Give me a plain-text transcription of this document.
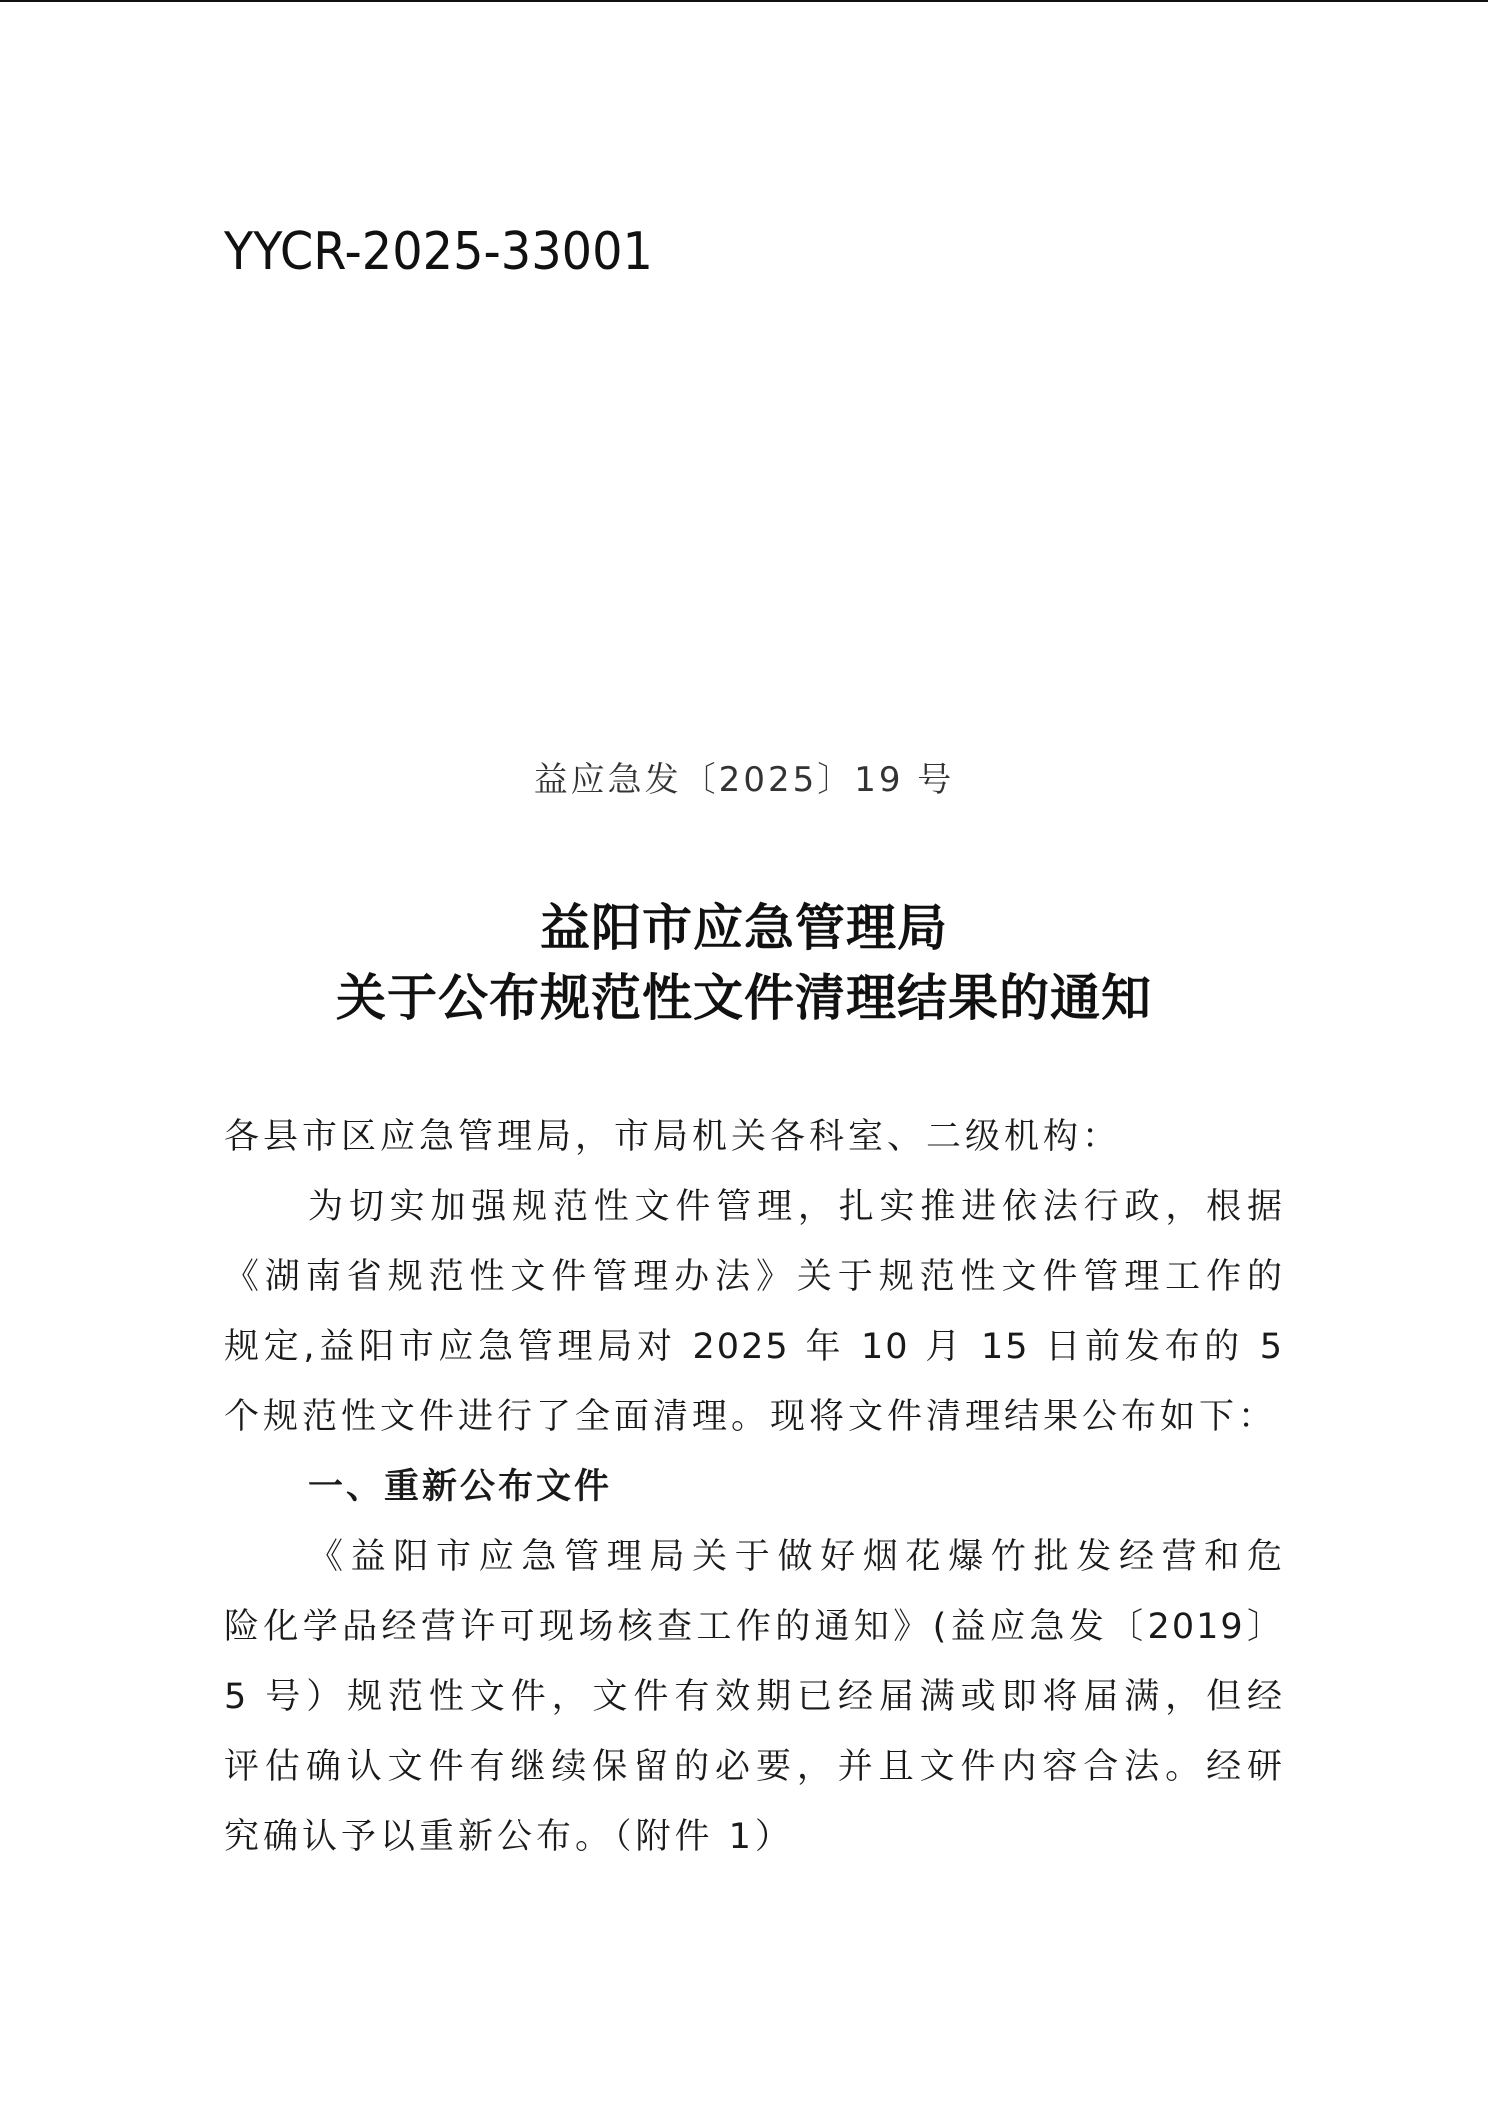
YYCR-2025-33001
益应急发〔2025〕19 号
益阳市应急管理局
关于公布规范性文件清理结果的通知
各县市区应急管理局，市局机关各科室、二级机构：
为切实加强规范性文件管理，扎实推进依法行政，根据
《湖南省规范性文件管理办法》关于规范性文件管理工作的
规定,益阳市应急管理局对 2025 年 10 月 15 日前发布的 5
个规范性文件进行了全面清理。现将文件清理结果公布如下：
一、重新公布文件
《益阳市应急管理局关于做好烟花爆竹批发经营和危
险化学品经营许可现场核查工作的通知》(益应急发〔2019〕
5 号）规范性文件，文件有效期已经届满或即将届满，但经
评估确认文件有继续保留的必要，并且文件内容合法。经研
究确认予以重新公布。（附件 1）
